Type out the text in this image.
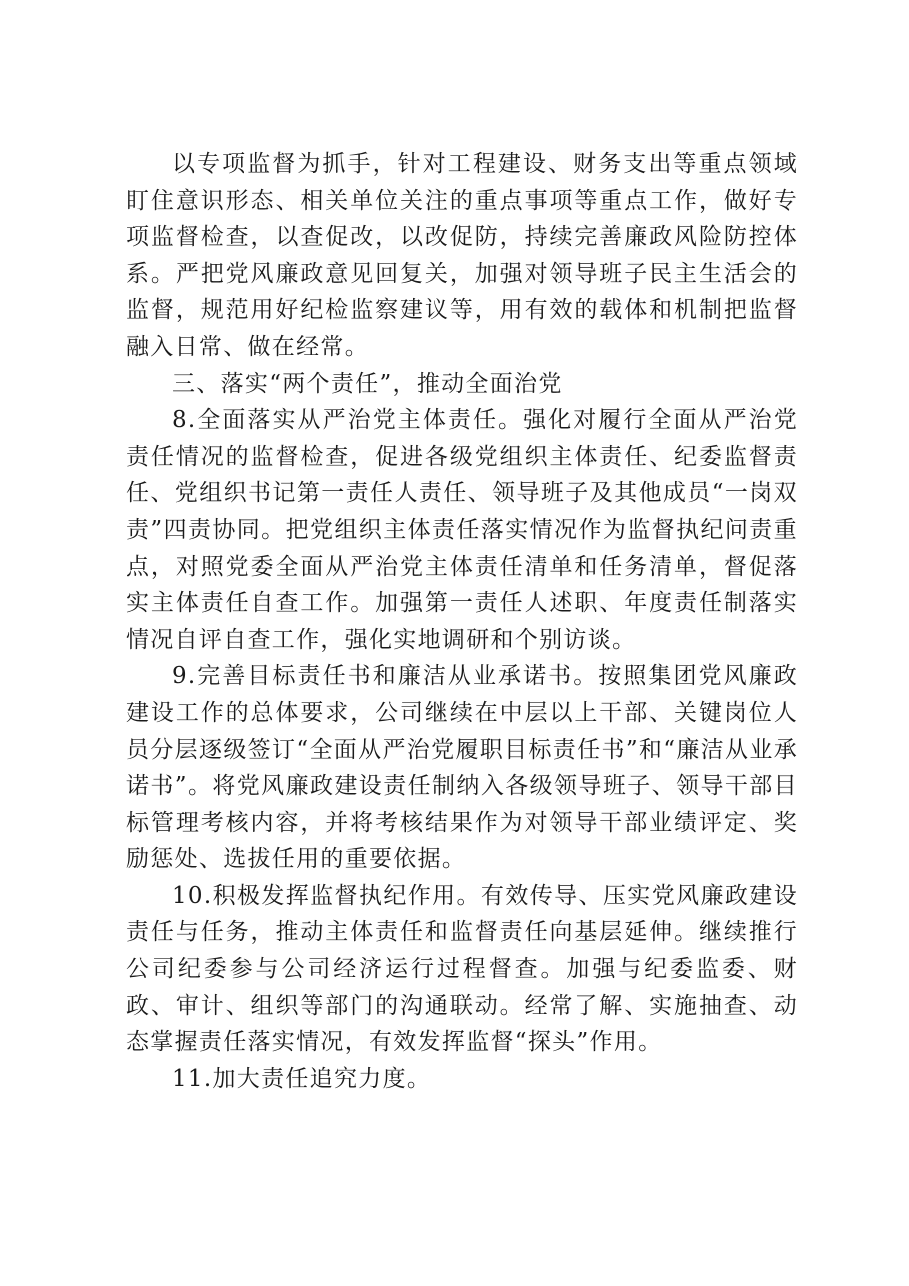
以专项监督为抓手，针对工程建设、财务支出等重点领域盯住意识形态、相关单位关注的重点事项等重点工作，做好专项监督检查，以查促改，以改促防，持续完善廉政风险防控体系。严把党风廉政意见回复关，加强对领导班子民主生活会的监督，规范用好纪检监察建议等，用有效的载体和机制把监督融入日常、做在经常。

三、落实“两个责任”，推动全面治党

8.全面落实从严治党主体责任。强化对履行全面从严治党责任情况的监督检查，促进各级党组织主体责任、纪委监督责任、党组织书记第一责任人责任、领导班子及其他成员“一岗双责”四责协同。把党组织主体责任落实情况作为监督执纪问责重点，对照党委全面从严治党主体责任清单和任务清单，督促落实主体责任自查工作。加强第一责任人述职、年度责任制落实情况自评自查工作，强化实地调研和个别访谈。

9.完善目标责任书和廉洁从业承诺书。按照集团党风廉政建设工作的总体要求，公司继续在中层以上干部、关键岗位人员分层逐级签订“全面从严治党履职目标责任书”和“廉洁从业承诺书”。将党风廉政建设责任制纳入各级领导班子、领导干部目标管理考核内容，并将考核结果作为对领导干部业绩评定、奖励惩处、选拔任用的重要依据。

10.积极发挥监督执纪作用。有效传导、压实党风廉政建设责任与任务，推动主体责任和监督责任向基层延伸。继续推行公司纪委参与公司经济运行过程督查。加强与纪委监委、财政、审计、组织等部门的沟通联动。经常了解、实施抽查、动态掌握责任落实情况，有效发挥监督“探头”作用。

11.加大责任追究力度。
